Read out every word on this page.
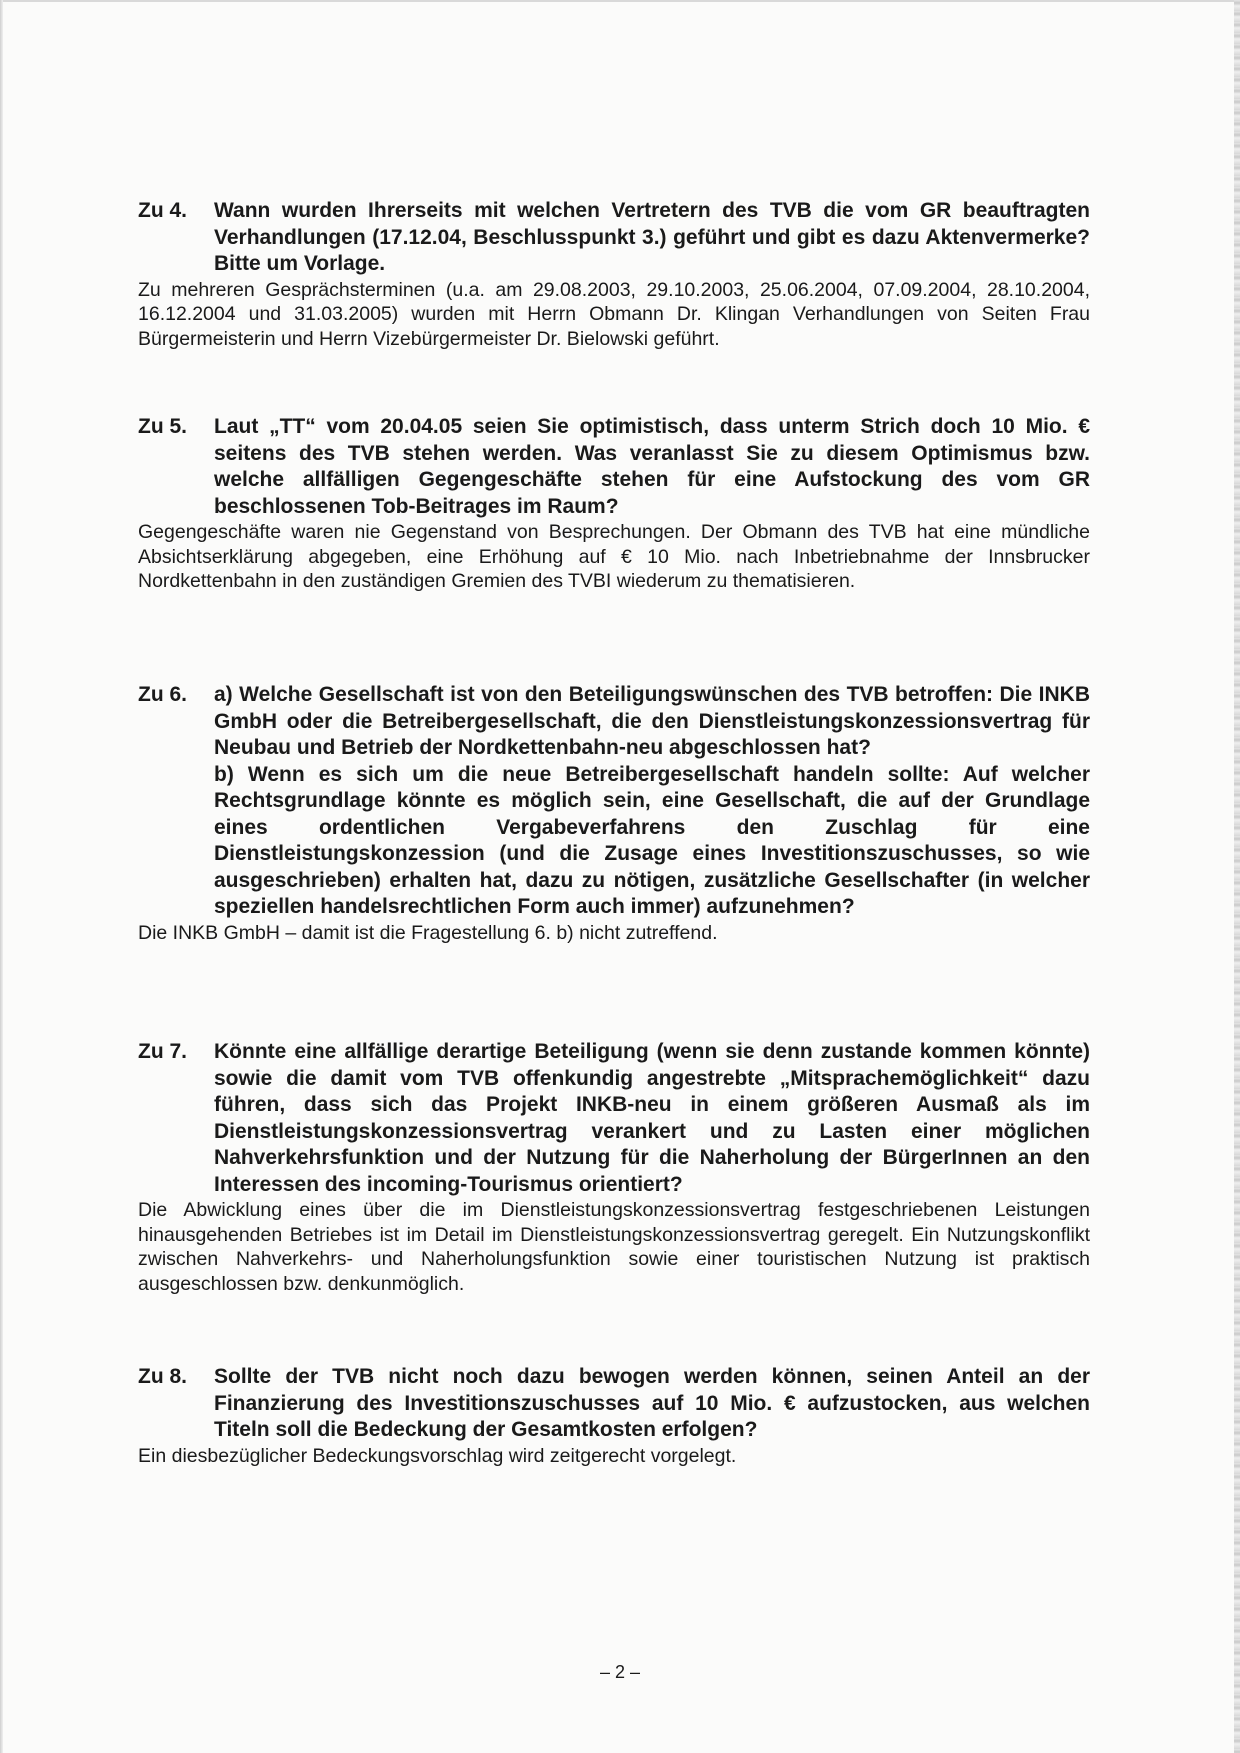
Zu 4. Wann wurden Ihrerseits mit welchen Vertretern des TVB die vom GR beauftragten Verhandlungen (17.12.04, Beschlusspunkt 3.) geführt und gibt es dazu Aktenvermerke? Bitte um Vorlage.

Zu mehreren Gesprächsterminen (u.a. am 29.08.2003, 29.10.2003, 25.06.2004, 07.09.2004, 28.10.2004, 16.12.2004 und 31.03.2005) wurden mit Herrn Obmann Dr. Klingan Verhandlungen von Seiten Frau Bürgermeisterin und Herrn Vizebürgermeister Dr. Bielowski geführt.

Zu 5. Laut „TT“ vom 20.04.05 seien Sie optimistisch, dass unterm Strich doch 10 Mio. € seitens des TVB stehen werden. Was veranlasst Sie zu diesem Optimismus bzw. welche allfälligen Gegengeschäfte stehen für eine Aufstockung des vom GR beschlossenen Tob-Beitrages im Raum?

Gegengeschäfte waren nie Gegenstand von Besprechungen. Der Obmann des TVB hat eine mündliche Absichtserklärung abgegeben, eine Erhöhung auf € 10 Mio. nach Inbetriebnahme der Innsbrucker Nordkettenbahn in den zuständigen Gremien des TVBI wiederum zu thematisieren.

Zu 6. a) Welche Gesellschaft ist von den Beteiligungswünschen des TVB betroffen: Die INKB GmbH oder die Betreibergesellschaft, die den Dienstleistungskonzessionsvertrag für Neubau und Betrieb der Nordkettenbahn-neu abgeschlossen hat?

b) Wenn es sich um die neue Betreibergesellschaft handeln sollte: Auf welcher Rechtsgrundlage könnte es möglich sein, eine Gesellschaft, die auf der Grundlage eines ordentlichen Vergabeverfahrens den Zuschlag für eine Dienstleistungskonzession (und die Zusage eines Investitionszuschusses, so wie ausgeschrieben) erhalten hat, dazu zu nötigen, zusätzliche Gesellschafter (in welcher speziellen handelsrechtlichen Form auch immer) aufzunehmen?

Die INKB GmbH – damit ist die Fragestellung 6. b) nicht zutreffend.

Zu 7. Könnte eine allfällige derartige Beteiligung (wenn sie denn zustande kommen könnte) sowie die damit vom TVB offenkundig angestrebte „Mitsprachemöglichkeit“ dazu führen, dass sich das Projekt INKB-neu in einem größeren Ausmaß als im Dienstleistungskonzessionsvertrag verankert und zu Lasten einer möglichen Nahverkehrsfunktion und der Nutzung für die Naherholung der BürgerInnen an den Interessen des incoming-Tourismus orientiert?

Die Abwicklung eines über die im Dienstleistungskonzessionsvertrag festgeschriebenen Leistungen hinausgehenden Betriebes ist im Detail im Dienstleistungskonzessionsvertrag geregelt. Ein Nutzungskonflikt zwischen Nahverkehrs- und Naherholungsfunktion sowie einer touristischen Nutzung ist praktisch ausgeschlossen bzw. denkunmöglich.

Zu 8. Sollte der TVB nicht noch dazu bewogen werden können, seinen Anteil an der Finanzierung des Investitionszuschusses auf 10 Mio. € aufzustocken, aus welchen Titeln soll die Bedeckung der Gesamtkosten erfolgen?

Ein diesbezüglicher Bedeckungsvorschlag wird zeitgerecht vorgelegt.

– 2 –
